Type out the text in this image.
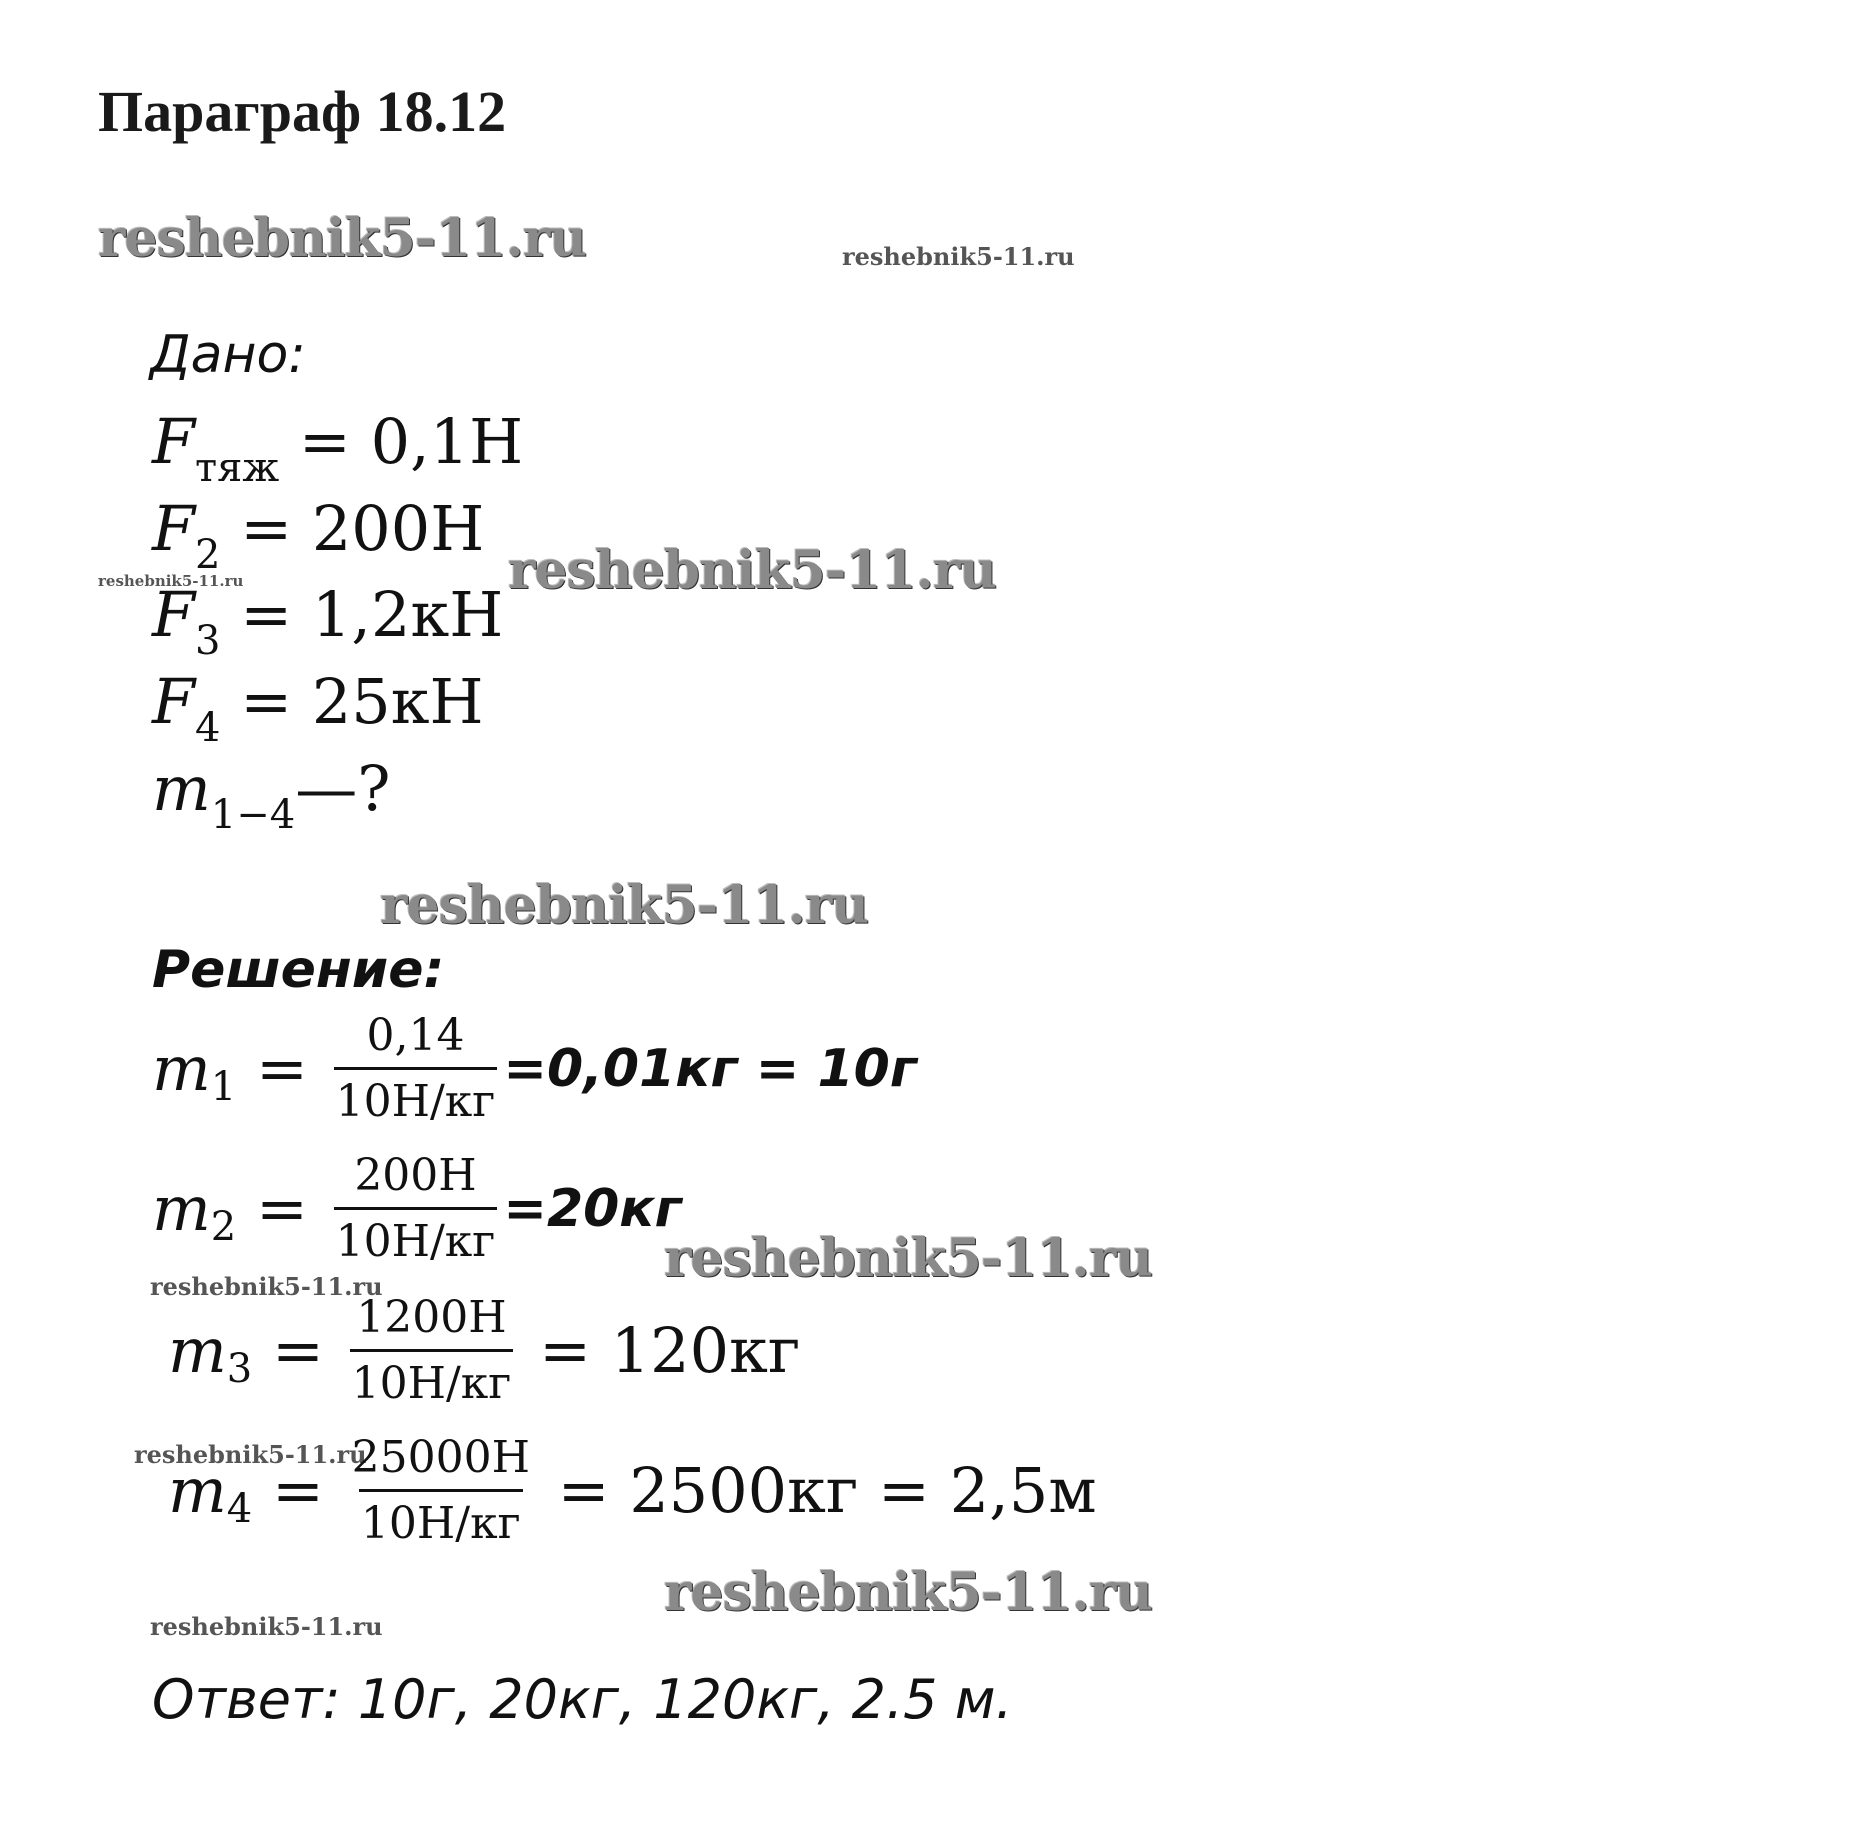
Параграф 18.12
reshebnik5-11.ru	reshebnik5-11.ru
reshebnik5-11.ru
reshebnik5-11.ru
reshebnik5-11.ru
reshebnik5-11.ru
reshebnik5-11.ru
reshebnik5-11.ru
reshebnik5-11.ru
reshebnik5-11.ru
Дано:
$F_{тяж} = 0,1Н$
$F_2 = 200Н$
$F_3 = 1,2кН$
$F_4 = 25кН$
$m_{1-4}—$?
Решение:
m $1 = \frac{0,14}{10Н/кг} =0,01кг = 10г$
m $2 = \frac{200Н}{10Н/кг} =20кг$
m $3 = \frac{1200Н}{10Н/кг} = 120кг$
m $4 = \frac{25000Н}{10Н/кг} = 2500кг = 2,5м$
Ответ: 10г, 20кг, 120кг, 2.5 м.
